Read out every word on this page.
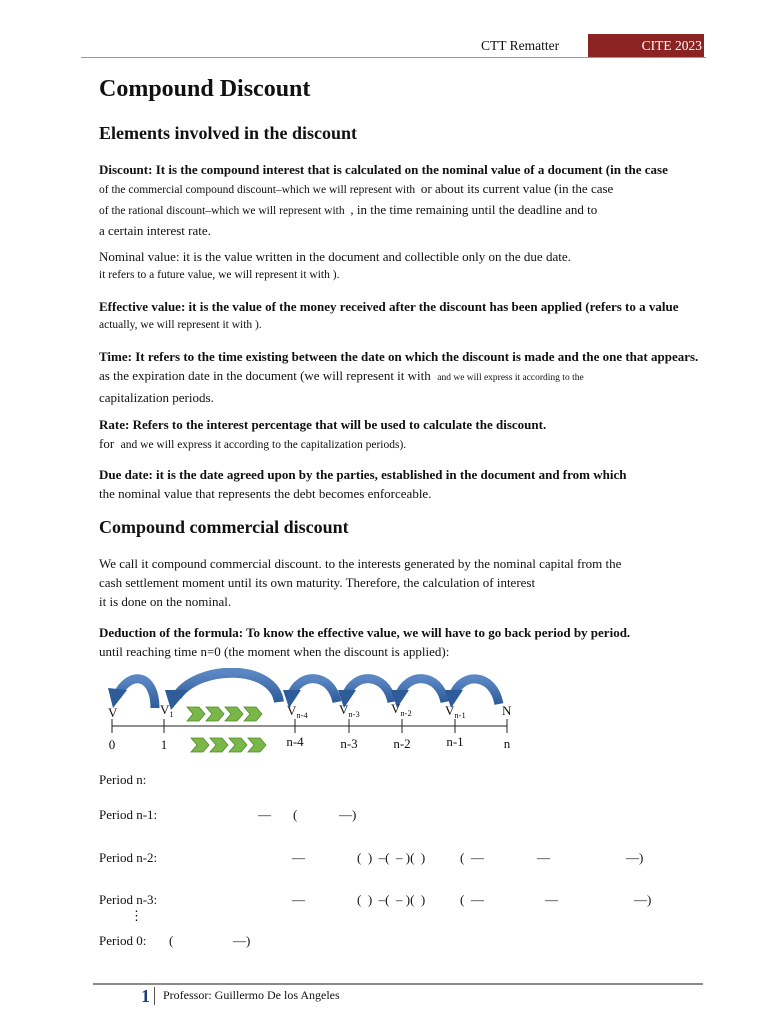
CTT Rematter	CITE 2023
Compound Discount
Elements involved in the discount
Discount: It is the compound interest that is calculated on the nominal value of a document (in the case
of the commercial compound discount–which we will represent with or about its current value (in the case
of the rational discount–which we will represent with , in the time remaining until the deadline and to
a certain interest rate.
Nominal value: it is the value written in the document and collectible only on the due date.
it refers to a future value, we will represent it with ).
Effective value: it is the value of the money received after the discount has been applied (refers to a value
actually, we will represent it with ).
Time: It refers to the time existing between the date on which the discount is made and the one that appears.
as the expiration date in the document (we will represent it with and we will express it according to the
capitalization periods.
Rate: Refers to the interest percentage that will be used to calculate the discount.
for and we will express it according to the capitalization periods).
Due date: it is the date agreed upon by the parties, established in the document and from which
the nominal value that represents the debt becomes enforceable.
Compound commercial discount
We call it compound commercial discount. to the interests generated by the nominal capital from the
cash settlement moment until its own maturity. Therefore, the calculation of interest
it is done on the nominal.
Deduction of the formula: To know the effective value, we will have to go back period by period.
until reaching time n=0 (the moment when the discount is applied):
V	$V_1$	$V_{n-4}$ $V_{n-3}$ $V_{n-2}$	$V_{n-1}$	N
0	1	n-4	n-3	n-2	n-1	n
Period n:
Period n-1:	— (	—)
Period n-2:	—	(  )  –(  – )(  )	(  —	—	—)
Period n-3:	—	(  )  –(  – )(  )	(  —	—	—)
⋮
Period 0: (	—)
1 Professor: Guillermo De los Angeles
